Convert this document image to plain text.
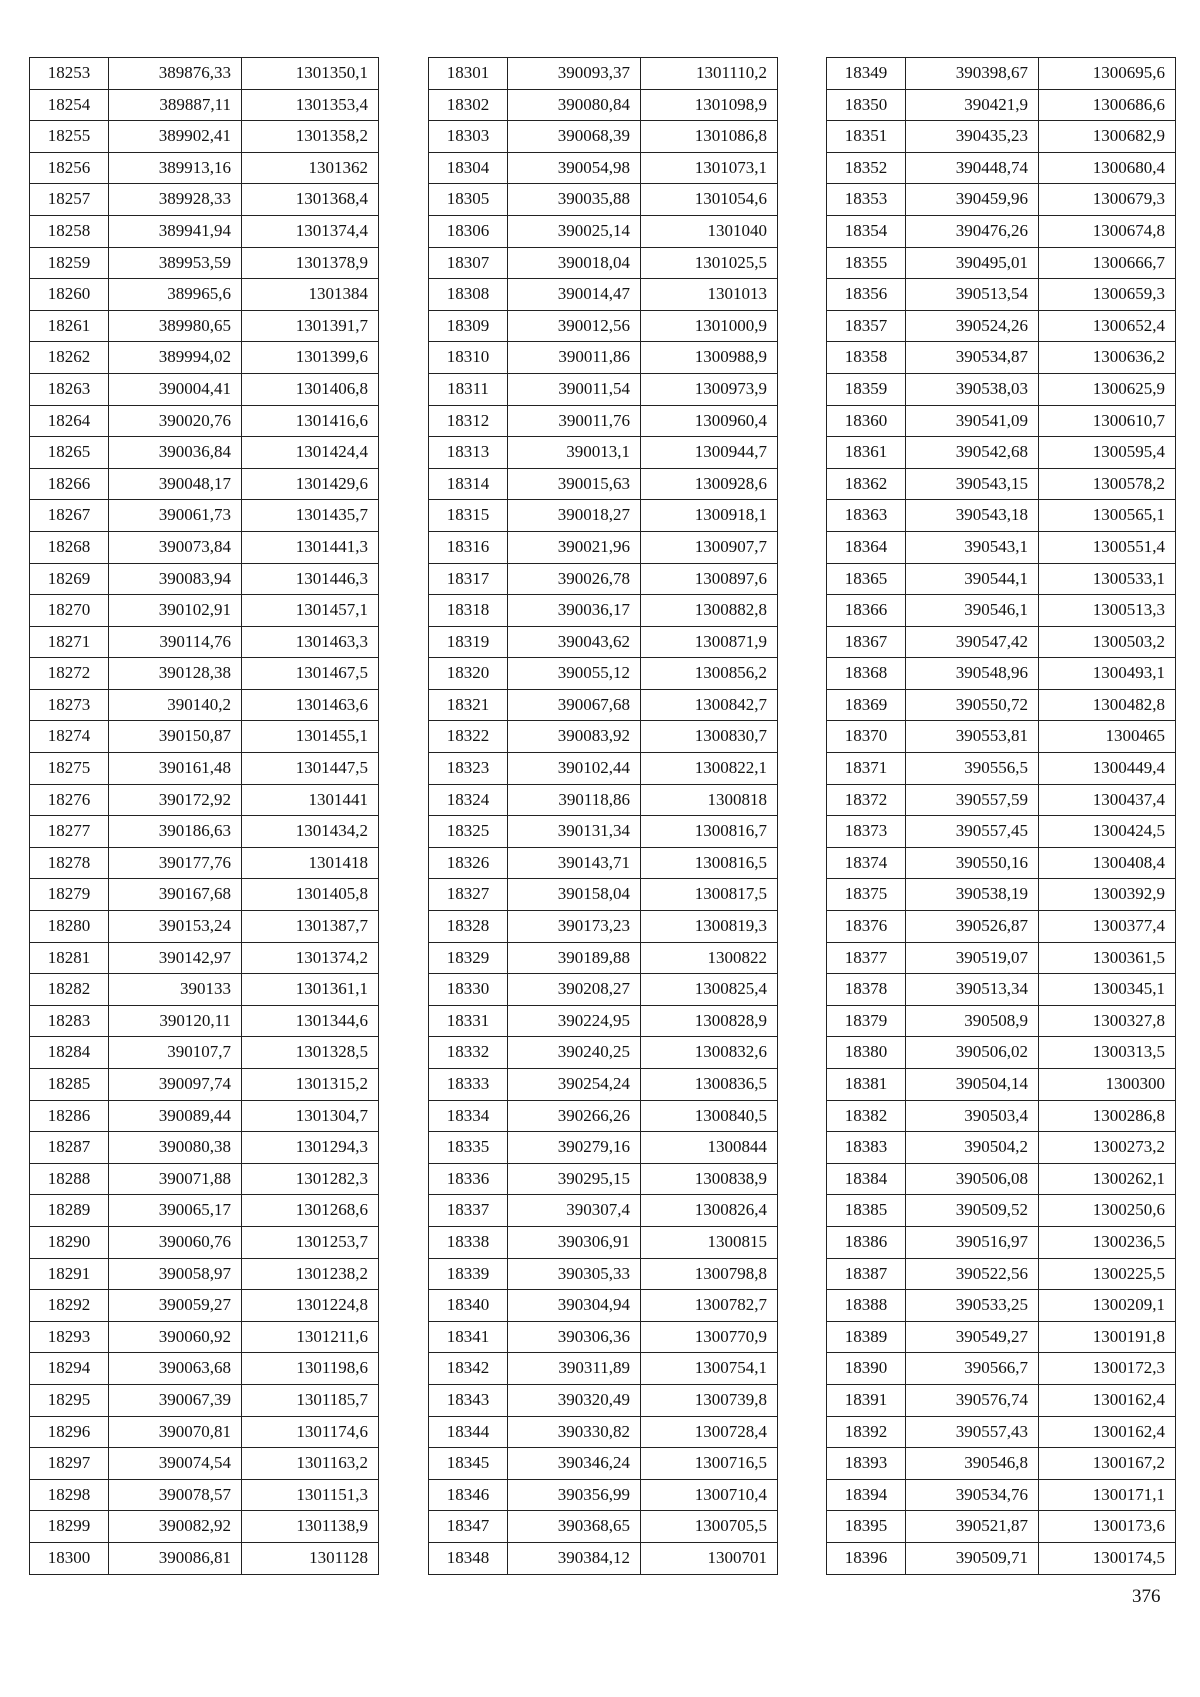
18253	389876,33	1301350,1
18254	389887,11	1301353,4
18255	389902,41	1301358,2
18256	389913,16	1301362
18257	389928,33	1301368,4
18258	389941,94	1301374,4
18259	389953,59	1301378,9
18260	389965,6	1301384
18261	389980,65	1301391,7
18262	389994,02	1301399,6
18263	390004,41	1301406,8
18264	390020,76	1301416,6
18265	390036,84	1301424,4
18266	390048,17	1301429,6
18267	390061,73	1301435,7
18268	390073,84	1301441,3
18269	390083,94	1301446,3
18270	390102,91	1301457,1
18271	390114,76	1301463,3
18272	390128,38	1301467,5
18273	390140,2	1301463,6
18274	390150,87	1301455,1
18275	390161,48	1301447,5
18276	390172,92	1301441
18277	390186,63	1301434,2
18278	390177,76	1301418
18279	390167,68	1301405,8
18280	390153,24	1301387,7
18281	390142,97	1301374,2
18282	390133	1301361,1
18283	390120,11	1301344,6
18284	390107,7	1301328,5
18285	390097,74	1301315,2
18286	390089,44	1301304,7
18287	390080,38	1301294,3
18288	390071,88	1301282,3
18289	390065,17	1301268,6
18290	390060,76	1301253,7
18291	390058,97	1301238,2
18292	390059,27	1301224,8
18293	390060,92	1301211,6
18294	390063,68	1301198,6
18295	390067,39	1301185,7
18296	390070,81	1301174,6
18297	390074,54	1301163,2
18298	390078,57	1301151,3
18299	390082,92	1301138,9
18300	390086,81	1301128
18301	390093,37	1301110,2
18302	390080,84	1301098,9
18303	390068,39	1301086,8
18304	390054,98	1301073,1
18305	390035,88	1301054,6
18306	390025,14	1301040
18307	390018,04	1301025,5
18308	390014,47	1301013
18309	390012,56	1301000,9
18310	390011,86	1300988,9
18311	390011,54	1300973,9
18312	390011,76	1300960,4
18313	390013,1	1300944,7
18314	390015,63	1300928,6
18315	390018,27	1300918,1
18316	390021,96	1300907,7
18317	390026,78	1300897,6
18318	390036,17	1300882,8
18319	390043,62	1300871,9
18320	390055,12	1300856,2
18321	390067,68	1300842,7
18322	390083,92	1300830,7
18323	390102,44	1300822,1
18324	390118,86	1300818
18325	390131,34	1300816,7
18326	390143,71	1300816,5
18327	390158,04	1300817,5
18328	390173,23	1300819,3
18329	390189,88	1300822
18330	390208,27	1300825,4
18331	390224,95	1300828,9
18332	390240,25	1300832,6
18333	390254,24	1300836,5
18334	390266,26	1300840,5
18335	390279,16	1300844
18336	390295,15	1300838,9
18337	390307,4	1300826,4
18338	390306,91	1300815
18339	390305,33	1300798,8
18340	390304,94	1300782,7
18341	390306,36	1300770,9
18342	390311,89	1300754,1
18343	390320,49	1300739,8
18344	390330,82	1300728,4
18345	390346,24	1300716,5
18346	390356,99	1300710,4
18347	390368,65	1300705,5
18348	390384,12	1300701
18349	390398,67	1300695,6
18350	390421,9	1300686,6
18351	390435,23	1300682,9
18352	390448,74	1300680,4
18353	390459,96	1300679,3
18354	390476,26	1300674,8
18355	390495,01	1300666,7
18356	390513,54	1300659,3
18357	390524,26	1300652,4
18358	390534,87	1300636,2
18359	390538,03	1300625,9
18360	390541,09	1300610,7
18361	390542,68	1300595,4
18362	390543,15	1300578,2
18363	390543,18	1300565,1
18364	390543,1	1300551,4
18365	390544,1	1300533,1
18366	390546,1	1300513,3
18367	390547,42	1300503,2
18368	390548,96	1300493,1
18369	390550,72	1300482,8
18370	390553,81	1300465
18371	390556,5	1300449,4
18372	390557,59	1300437,4
18373	390557,45	1300424,5
18374	390550,16	1300408,4
18375	390538,19	1300392,9
18376	390526,87	1300377,4
18377	390519,07	1300361,5
18378	390513,34	1300345,1
18379	390508,9	1300327,8
18380	390506,02	1300313,5
18381	390504,14	1300300
18382	390503,4	1300286,8
18383	390504,2	1300273,2
18384	390506,08	1300262,1
18385	390509,52	1300250,6
18386	390516,97	1300236,5
18387	390522,56	1300225,5
18388	390533,25	1300209,1
18389	390549,27	1300191,8
18390	390566,7	1300172,3
18391	390576,74	1300162,4
18392	390557,43	1300162,4
18393	390546,8	1300167,2
18394	390534,76	1300171,1
18395	390521,87	1300173,6
18396	390509,71	1300174,5
376
